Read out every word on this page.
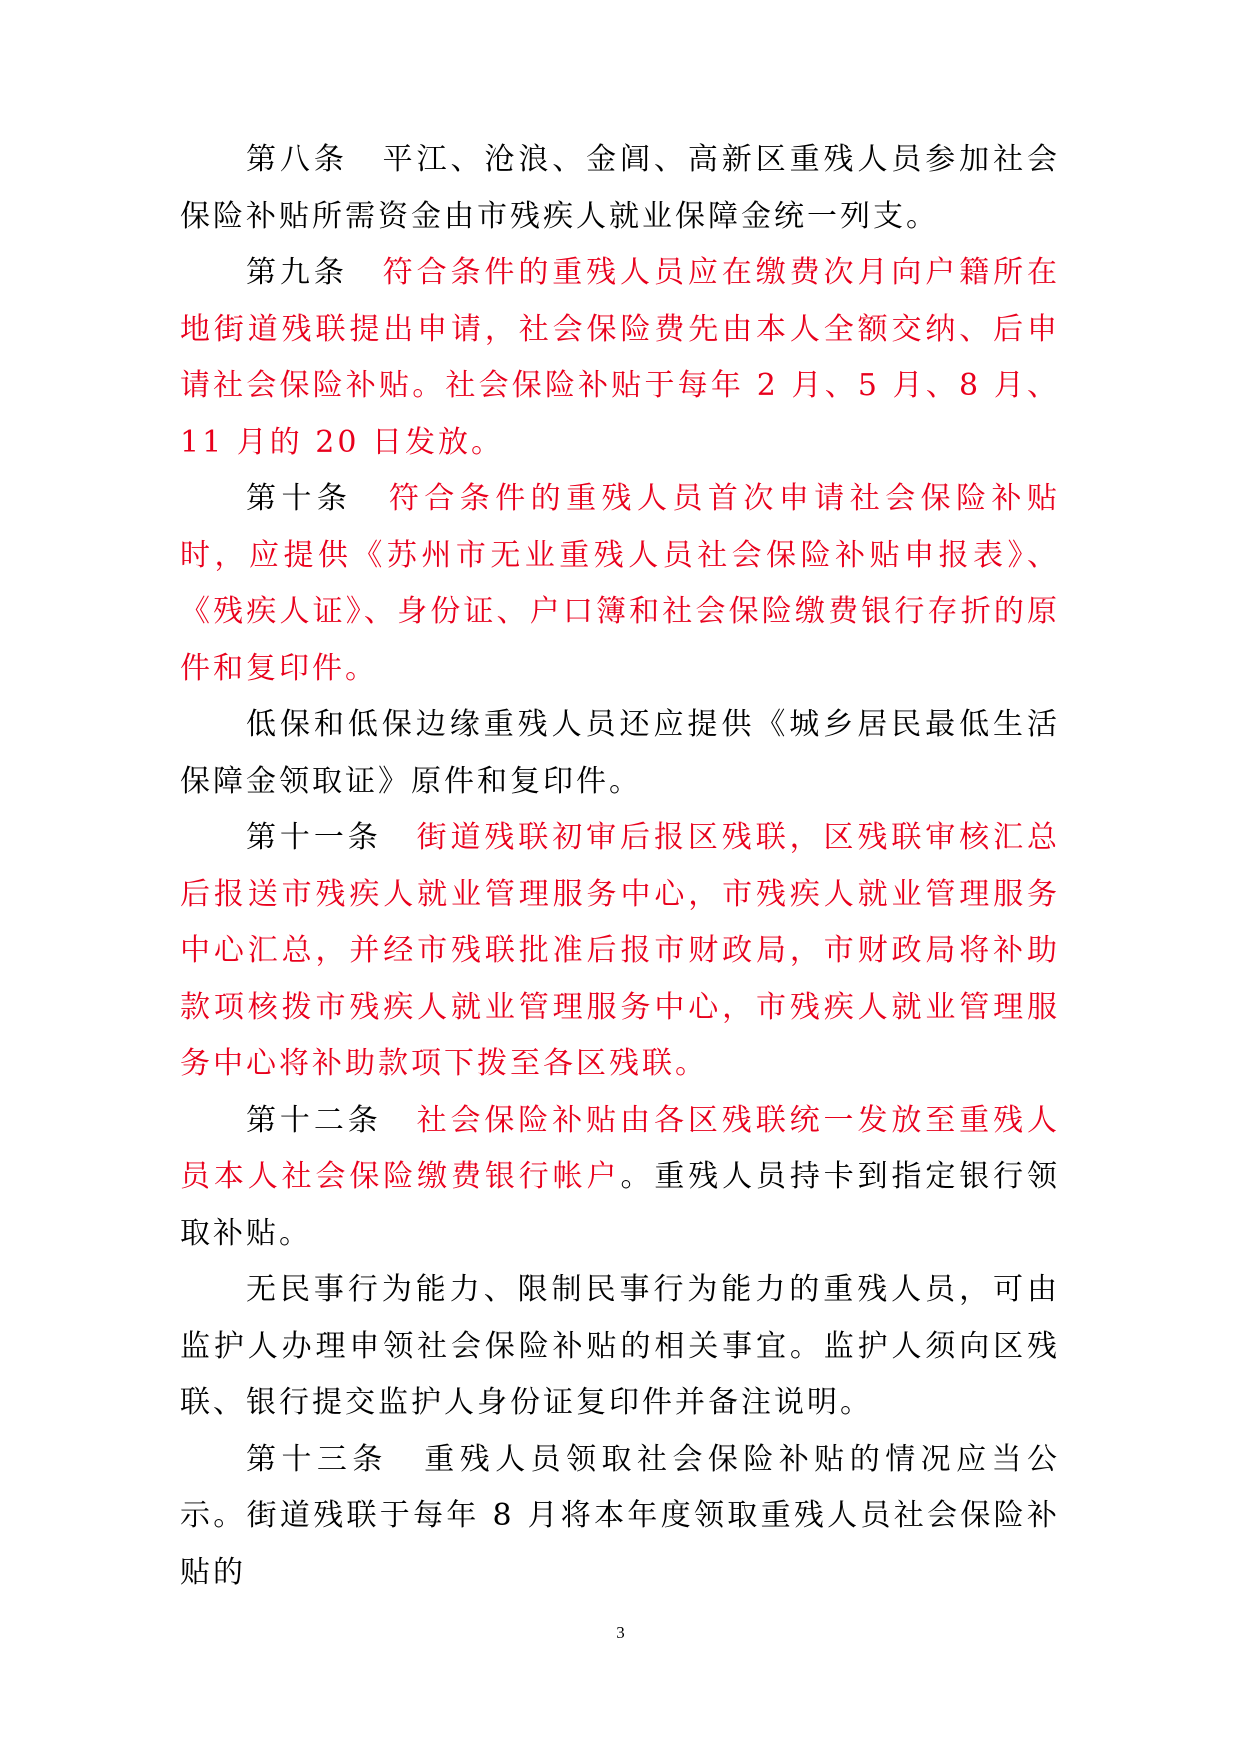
第八条 平江、沧浪、金阊、高新区重残人员参加社会保险补贴所需资金由市残疾人就业保障金统一列支。

第九条 符合条件的重残人员应在缴费次月向户籍所在地街道残联提出申请，社会保险费先由本人全额交纳、后申请社会保险补贴。社会保险补贴于每年 2 月、5 月、8 月、11 月的 20 日发放。

第十条 符合条件的重残人员首次申请社会保险补贴时，应提供《苏州市无业重残人员社会保险补贴申报表》、《残疾人证》、身份证、户口簿和社会保险缴费银行存折的原件和复印件。

低保和低保边缘重残人员还应提供《城乡居民最低生活保障金领取证》原件和复印件。

第十一条 街道残联初审后报区残联，区残联审核汇总后报送市残疾人就业管理服务中心，市残疾人就业管理服务中心汇总，并经市残联批准后报市财政局，市财政局将补助款项核拨市残疾人就业管理服务中心，市残疾人就业管理服务中心将补助款项下拨至各区残联。

第十二条 社会保险补贴由各区残联统一发放至重残人员本人社会保险缴费银行帐户。重残人员持卡到指定银行领取补贴。

无民事行为能力、限制民事行为能力的重残人员，可由监护人办理申领社会保险补贴的相关事宜。监护人须向区残联、银行提交监护人身份证复印件并备注说明。

第十三条 重残人员领取社会保险补贴的情况应当公示。街道残联于每年 8 月将本年度领取重残人员社会保险补贴的

3
